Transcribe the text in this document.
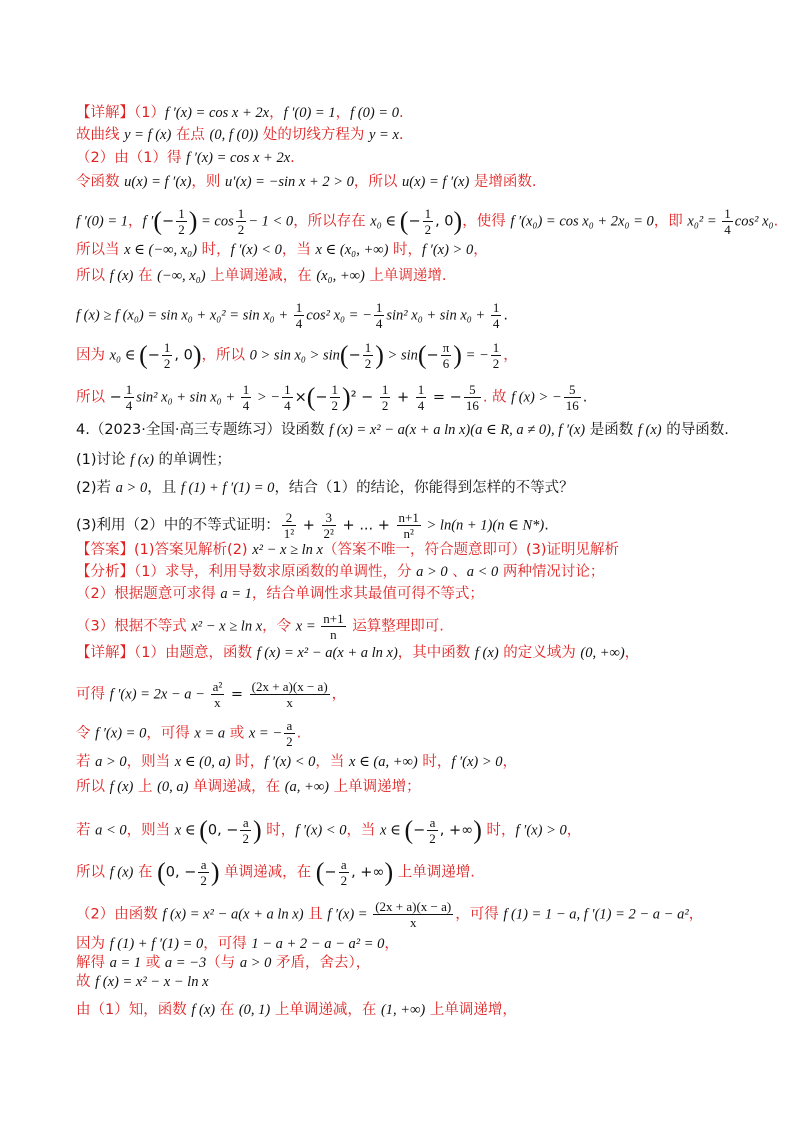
【详解】（1）f ′(x) = cos x + 2x，f ′(0) = 1，f (0) = 0.
故曲线 y = f (x) 在点 (0, f (0)) 处的切线方程为 y = x.
（2）由（1）得 f ′(x) = cos x + 2x.
令函数 u(x) = f ′(x)，则 u′(x) = −sin x + 2 > 0，所以 u(x) = f ′(x) 是增函数.
f ′(0) = 1，f ′(− $\frac{1}{2}$ ) = $\cos \frac{1}{2} - 1 < 0$，所以存在 x₀ ∈ (− $\frac{1}{2}$ , 0)，使得 f ′(x₀) = cos x₀ + 2x₀ = 0，即 $x_0^2 = \frac{1}{4} \cos^2$ x₀.
所以当 x ∈ (−∞, x₀) 时，f ′(x) < 0，当 x ∈ (x₀, +∞) 时，f ′(x) > 0，
所以 f (x) 在 (−∞, x₀) 上单调递减，在 (x₀, +∞) 上单调递增.
f (x) ≥ f $(x_0) = \sin x_0 + x_0^2 = \sin x_0 + \frac{1}{4} \cos^2$ x₀ = − $\frac{1}{4} \sin^2$ $x_0 + \sin x_0 + \frac{1}{4}$ .
因为 x₀ ∈ (− $\frac{1}{2}$ , 0)，所以 $0 > \sin x_0 > \sin(- \frac{1}{2}$ ) > $\sin(- \frac{\pi}{6}$ ) = − $\frac{1}{2}$ ，
所以 − $\frac{1}{4} \sin^2$ $x_0 + \sin x_0 + \frac{1}{4}$ > − $\frac{1}{4}$ ×(− $\frac{1}{2} )^2 - \frac{1}{2} + \frac{1}{4}$ = − $\frac{5}{16}$ . 故 f (x) > − $\frac{5}{16}$ .
4.（2023·全国·高三专题练习）设函数 f (x) = x² − a(x + a ln x)(a ∈ R, a ≠ 0), f ′(x) 是函数 f (x) 的导函数.
(1)讨论 f (x) 的单调性；
(2)若 a > 0，且 f (1) + f ′(1) = 0，结合（1）的结论，你能得到怎样的不等式？
(3)利用（2）中的不等式证明： $\frac{2}{\text{1²}} + \frac{3}{\text{2²}}$ + ... + $\frac{n+1}{\text{n²}} > \ln(n + 1)(n$ ∈ N*).
【答案】(1)答案见解析(2) x² − x ≥ ln x（答案不唯一，符合题意即可）(3)证明见解析
【分析】（1）求导，利用导数求原函数的单调性，分 a > 0 、a < 0 两种情况讨论；
（2）根据题意可求得 a = 1，结合单调性求其最值可得不等式；
（3）根据不等式 x² − x ≥ ln x，令 $x = \frac{n+1}{n}$ 运算整理即可.
【详解】（1）由题意，函数 f (x) = x² − a(x + a ln x)，其中函数 f (x) 的定义域为 (0, +∞)，
可得 f $'(x) = 2x - a - \frac{\text{a²}}{x} = \frac{(2x + a)(x - a)}{x}$ ，
令 f ′(x) = 0，可得 x = a 或 x = − $\frac{a}{2}$ .
若 a > 0，则当 x ∈ (0, a) 时，f ′(x) < 0，当 x ∈ (a, +∞) 时，f ′(x) > 0，
所以 f (x) 上 (0, a) 单调递减，在 (a, +∞) 上单调递增；
若 a < 0，则当 x ∈ (0, − $\frac{a}{2}$ ) 时，f ′(x) < 0，当 x ∈ (− $\frac{a}{2}$ , +∞) 时，f ′(x) > 0，
所以 f (x) 在 (0, − $\frac{a}{2}$ ) 单调递减，在 (− $\frac{a}{2}$ , +∞) 上单调递增.
（2）由函数 f (x) = x² − a(x + a ln x) 且 f $'(x) = \frac{(2x + a)(x - a)}{x}$ ，可得 f (1) = 1 − a, f ′(1) = 2 − a − a²，
因为 f (1) + f ′(1) = 0，可得 1 − a + 2 − a − a² = 0，
解得 a = 1 或 a = −3（与 a > 0 矛盾，舍去），
故 f (x) = x² − x − ln x
由（1）知，函数 f (x) 在 (0, 1) 上单调递减，在 (1, +∞) 上单调递增，
